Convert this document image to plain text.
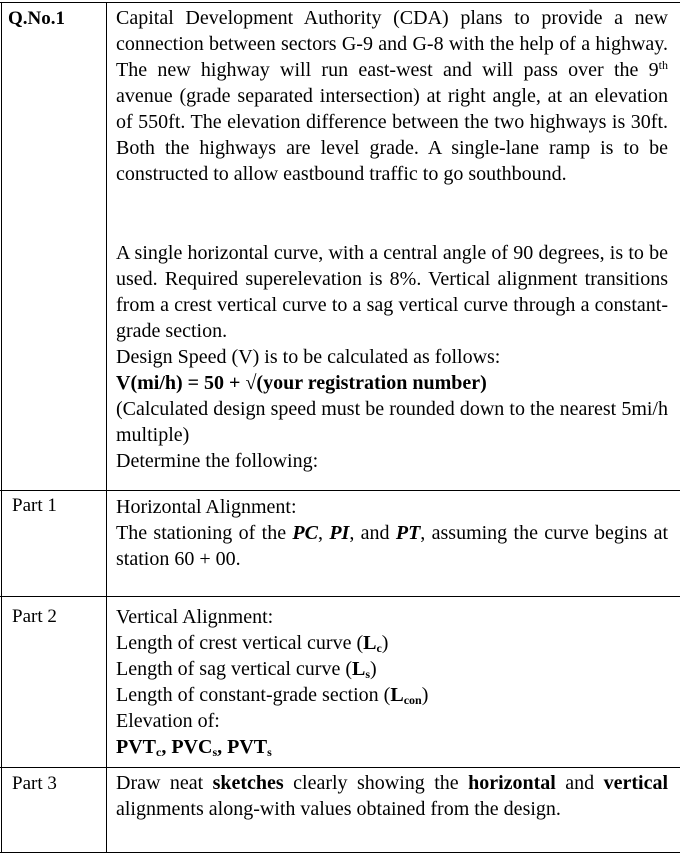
Q.No.1	Capital Development Authority (CDA) plans to provide a new connection between sectors G-9 and G-8 with the help of a highway. The new highway will run east-west and will pass over the 9th avenue (grade separated intersection) at right angle, at an elevation of 550ft. The elevation difference between the two highways is 30ft. Both the highways are level grade. A single-lane ramp is to be constructed to allow eastbound traffic to go southbound.
A single horizontal curve, with a central angle of 90 degrees, is to be used. Required superelevation is 8%. Vertical alignment transitions from a crest vertical curve to a sag vertical curve through a constant-grade section.
Design Speed (V) is to be calculated as follows:
V(mi/h) = 50 + √(your registration number)
(Calculated design speed must be rounded down to the nearest 5mi/h multiple)
Determine the following:
Part 1	Horizontal Alignment:
The stationing of the PC, PI, and PT, assuming the curve begins at station 60 + 00.
Part 2	Vertical Alignment:
Length of crest vertical curve $(L_c)$
Length of sag vertical curve $(L_s)$
Length of constant-grade section $(L_{con})$
Elevation of:
$PVT_c$, $PVC_s$, $PVT_s$
Part 3	Draw neat sketches clearly showing the horizontal and vertical alignments along-with values obtained from the design.
